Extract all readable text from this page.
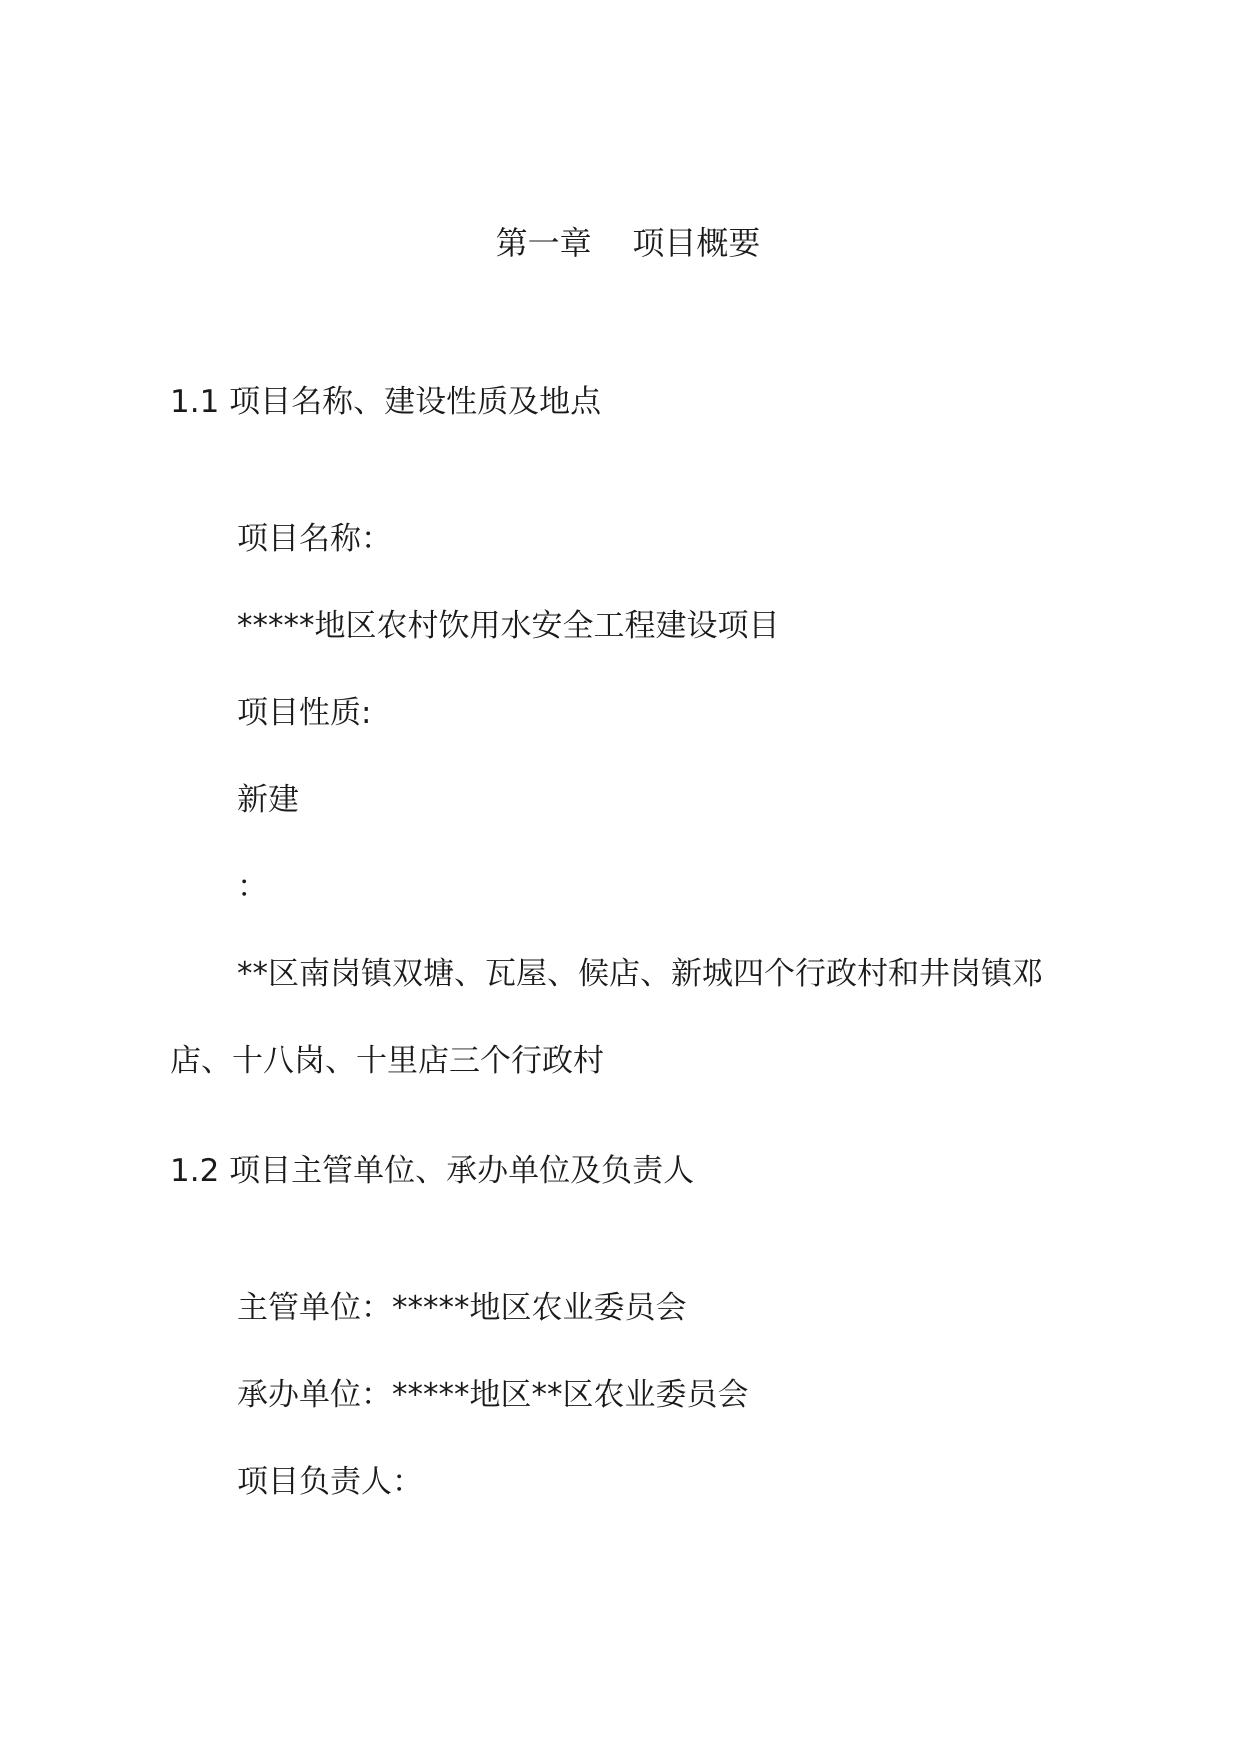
第一章    项目概要
1.1 项目名称、建设性质及地点
项目名称：
*****地区农村饮用水安全工程建设项目
项目性质:
新建
：
**区南岗镇双塘、瓦屋、候店、新城四个行政村和井岗镇邓
店、十八岗、十里店三个行政村
1.2 项目主管单位、承办单位及负责人
主管单位：*****地区农业委员会
承办单位：*****地区**区农业委员会
项目负责人：
